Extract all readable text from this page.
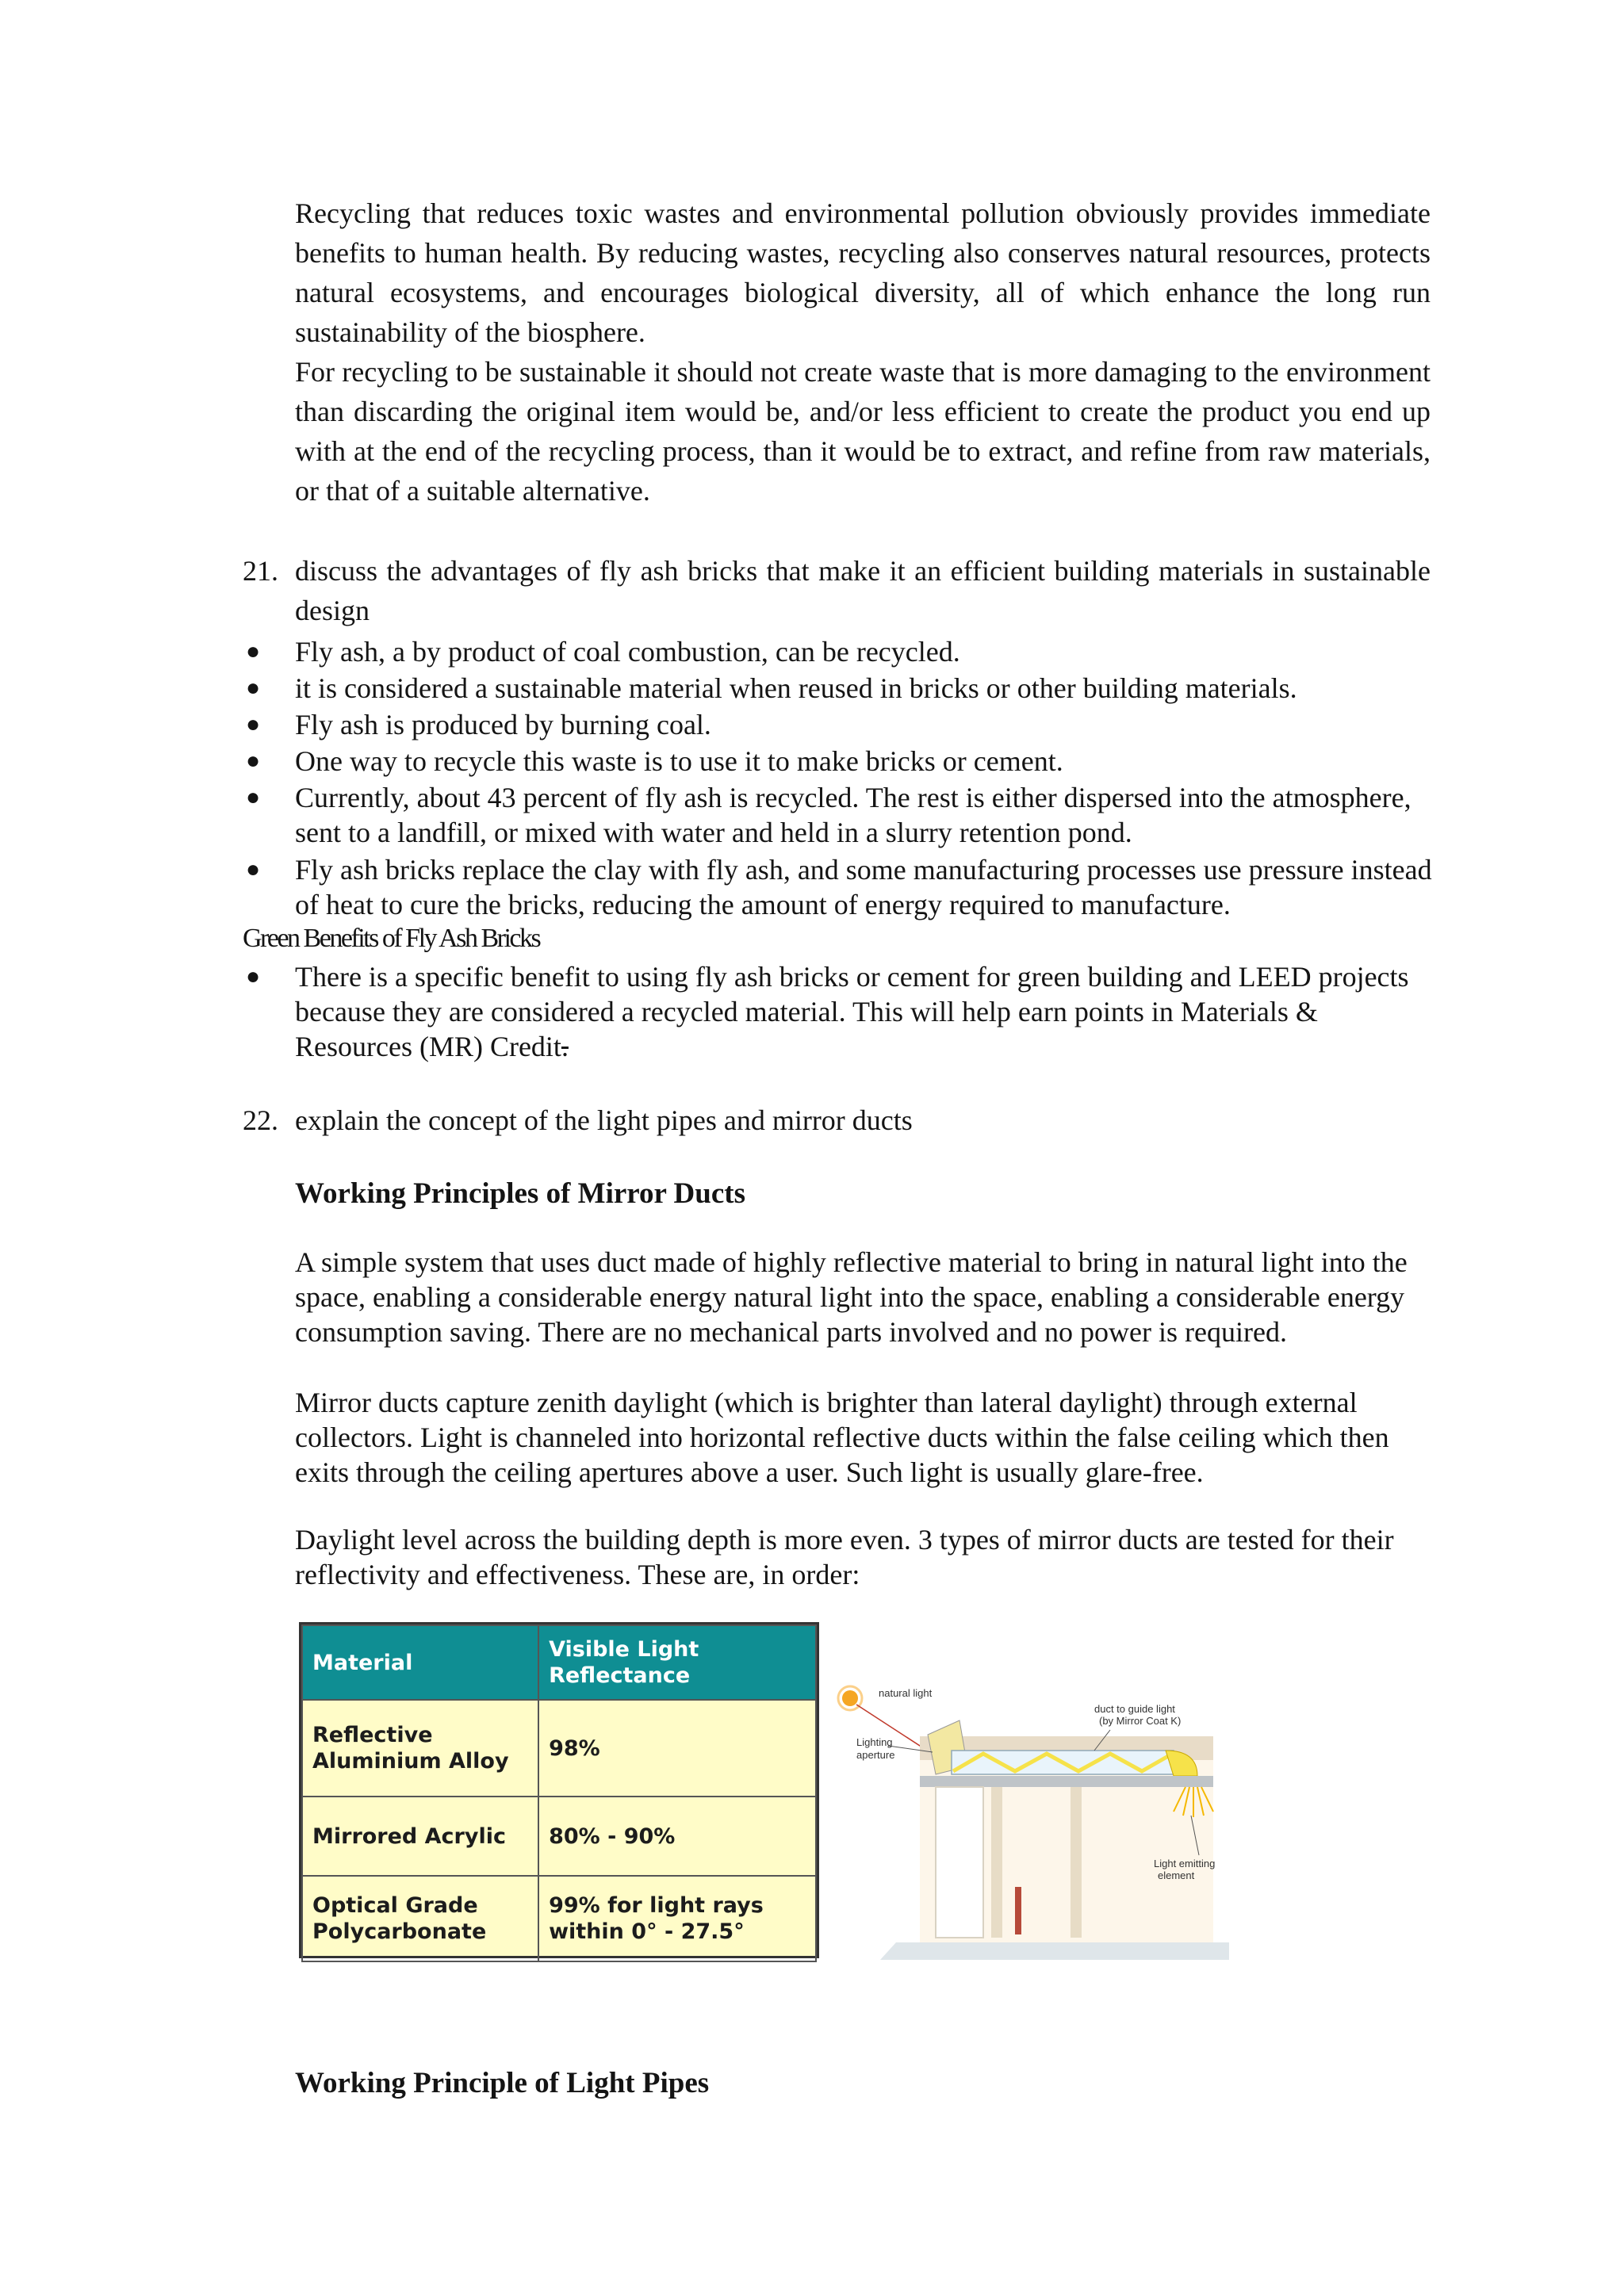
Recycling that reduces toxic wastes and environmental pollution obviously provides immediate benefits to human health. By reducing wastes, recycling also conserves natural resources, protects natural ecosystems, and encourages biological diversity, all of which enhance the long run sustainability of the biosphere.

For recycling to be sustainable it should not create waste that is more damaging to the environment than discarding the original item would be, and/or less efficient to create the product you end up with at the end of the recycling process, than it would be to extract, and refine from raw materials, or that of a suitable alternative.

21. discuss the advantages of fly ash bricks that make it an efficient building materials in sustainable design

● Fly ash, a by product of coal combustion, can be recycled.
● it is considered a sustainable material when reused in bricks or other building materials.
● Fly ash is produced by burning coal.
● One way to recycle this waste is to use it to make bricks or cement.
● Currently, about 43 percent of fly ash is recycled. The rest is either dispersed into the atmosphere, sent to a landfill, or mixed with water and held in a slurry retention pond.
● Fly ash bricks replace the clay with fly ash, and some manufacturing processes use pressure instead of heat to cure the bricks, reducing the amount of energy required to manufacture.
Green Benefits of Fly Ash Bricks
● There is a specific benefit to using fly ash bricks or cement for green building and LEED projects because they are considered a recycled material. This will help earn points in Materials & Resources (MR) Credit.
22. explain the concept of the light pipes and mirror ducts

Working Principles of Mirror Ducts

A simple system that uses duct made of highly reflective material to bring in natural light into the space, enabling a considerable energy natural light into the space, enabling a considerable energy consumption saving. There are no mechanical parts involved and no power is required.

Mirror ducts capture zenith daylight (which is brighter than lateral daylight) through external collectors. Light is channeled into horizontal reflective ducts within the false ceiling which then exits through the ceiling apertures above a user. Such light is usually glare-free.

Daylight level across the building depth is more even. 3 types of mirror ducts are tested for their reflectivity and effectiveness. These are, in order:

Material	Visible Light Reflectance
Reflective Aluminium Alloy	98%
Mirrored Acrylic	80% - 90%
Optical Grade Polycarbonate	99% for light rays within 0° - 27.5°
natural light
duct to guide light
(by Mirror Coat K)
Lighting
aperture
Light emitting
element
Working Principle of Light Pipes
